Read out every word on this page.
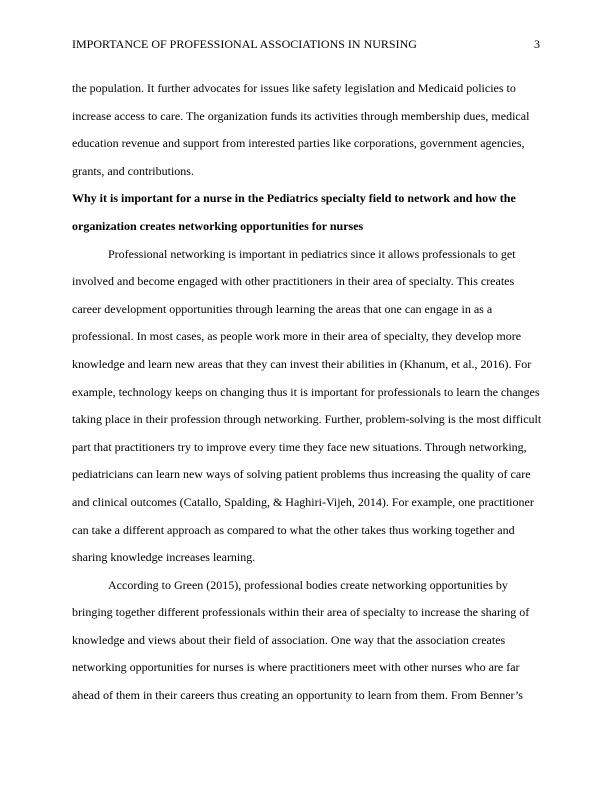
IMPORTANCE OF PROFESSIONAL ASSOCIATIONS IN NURSING	3

the population. It further advocates for issues like safety legislation and Medicaid policies to increase access to care. The organization funds its activities through membership dues, medical education revenue and support from interested parties like corporations, government agencies, grants, and contributions.

Why it is important for a nurse in the Pediatrics specialty field to network and how the organization creates networking opportunities for nurses

Professional networking is important in pediatrics since it allows professionals to get involved and become engaged with other practitioners in their area of specialty. This creates career development opportunities through learning the areas that one can engage in as a professional. In most cases, as people work more in their area of specialty, they develop more knowledge and learn new areas that they can invest their abilities in (Khanum, et al., 2016). For example, technology keeps on changing thus it is important for professionals to learn the changes taking place in their profession through networking. Further, problem-solving is the most difficult part that practitioners try to improve every time they face new situations. Through networking, pediatricians can learn new ways of solving patient problems thus increasing the quality of care and clinical outcomes (Catallo, Spalding, & Haghiri-Vijeh, 2014). For example, one practitioner can take a different approach as compared to what the other takes thus working together and sharing knowledge increases learning.

According to Green (2015), professional bodies create networking opportunities by bringing together different professionals within their area of specialty to increase the sharing of knowledge and views about their field of association. One way that the association creates networking opportunities for nurses is where practitioners meet with other nurses who are far ahead of them in their careers thus creating an opportunity to learn from them. From Benner’s
